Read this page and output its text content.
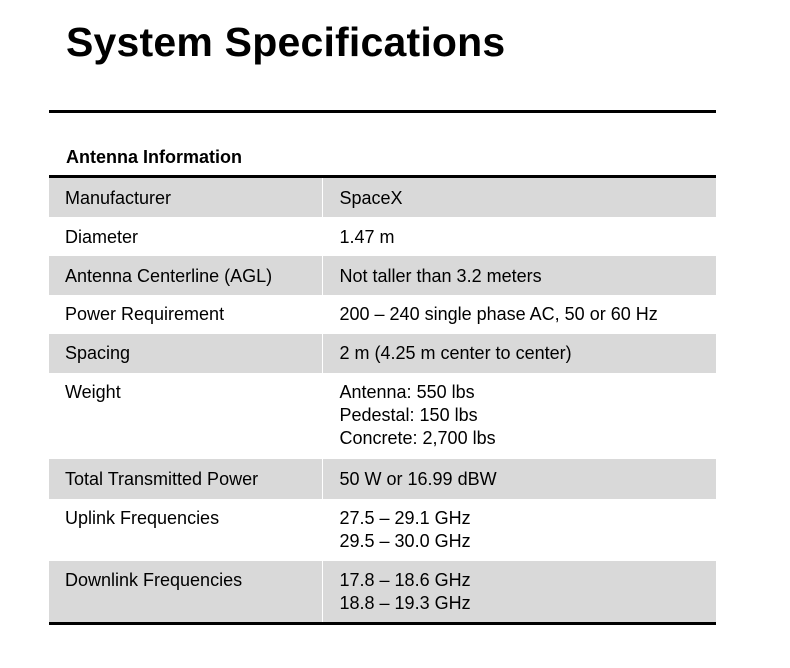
System Specifications
Antenna Information
Manufacturer	SpaceX

Diameter	1.47 m

Antenna Centerline (AGL)	Not taller than 3.2 meters

Power Requirement	200 – 240 single phase AC, 50 or 60 Hz

Spacing	2 m (4.25 m center to center)

Weight	Antenna: 550 lbs
Pedestal: 150 lbs
Concrete: 2,700 lbs

Total Transmitted Power	50 W or 16.99 dBW

Uplink Frequencies	27.5 – 29.1 GHz
29.5 – 30.0 GHz

Downlink Frequencies	17.8 – 18.6 GHz
18.8 – 19.3 GHz
